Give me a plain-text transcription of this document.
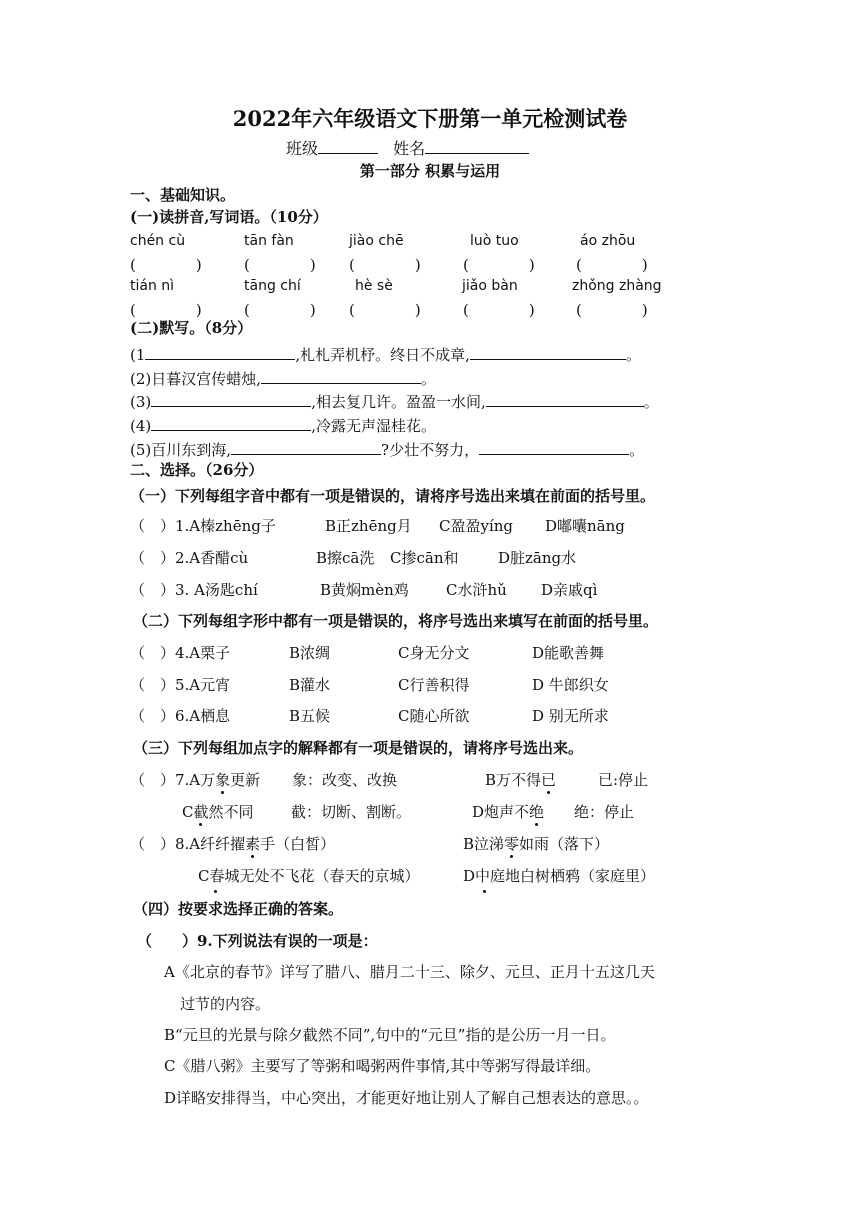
2022年六年级语文下册第一单元检测试卷
班级	姓名
第一部分 积累与运用
一、基础知识。
(一)读拼音,写词语。（10分）
chén cù	tān fàn	jiào chē	luò tuo	áo zhōu
(　　　　)	(　　　　) (　　　　)	(　　　　)	(　　　　)
tián nì	tāng chí	hè sè	jiǎo bàn	zhǒng zhàng
(　　　　)	(　　　　) (　　　　)	(　　　　)	(　　　　)
(二)默写。（8分）
(1	,札札弄机杼。终日不成章,	。
(2)日暮汉宫传蜡烛,	。
(3)	,相去复几许。盈盈一水间,	。
(4)	,冷露无声湿桂花。
(5)百川东到海,	?少壮不努力，	。
二、选择。（26分）
（一）下列每组字音中都有一项是错误的，请将序号选出来填在前面的括号里。
（　）1.A榛zhēng子	B正zhēng月 C盈盈yíng D嘟囔nāng
（　）2.A香醋cù	B擦cā洗 C掺cān和	D脏zāng水
（　）3. A汤匙chí	B黄焖mèn鸡 C水浒hǔ D亲戚qì
（二）下列每组字形中都有一项是错误的，将序号选出来填写在前面的括号里。
（　）4.A栗子	B浓绸	C身无分文	D能歌善舞
（　）5.A元宵	B灌水	C行善积得	D 牛郎织女
（　）6.A栖息	B五候	C随心所欲	D 别无所求
（三）下列每组加点字的解释都有一项是错误的，请将序号选出来。
（　）7.A万象更新 象：改变、改换	B万不得已	已:停止
C截然不同 截：切断、割断。	D炮声不绝 绝：停止
（　）8.A纤纤擢素手（白皙）	B泣涕零如雨（落下）
C春城无处不飞花（春天的京城）	D中庭地白树栖鸦（家庭里）
（四）按要求选择正确的答案。
（　　）9.下列说法有误的一项是：
A《北京的春节》详写了腊八、腊月二十三、除夕、元旦、正月十五这几天
过节的内容。
B“元旦的光景与除夕截然不同”,句中的“元旦”指的是公历一月一日。
C《腊八粥》主要写了等粥和喝粥两件事情,其中等粥写得最详细。
D详略安排得当，中心突出，才能更好地让别人了解自己想表达的意思。。
